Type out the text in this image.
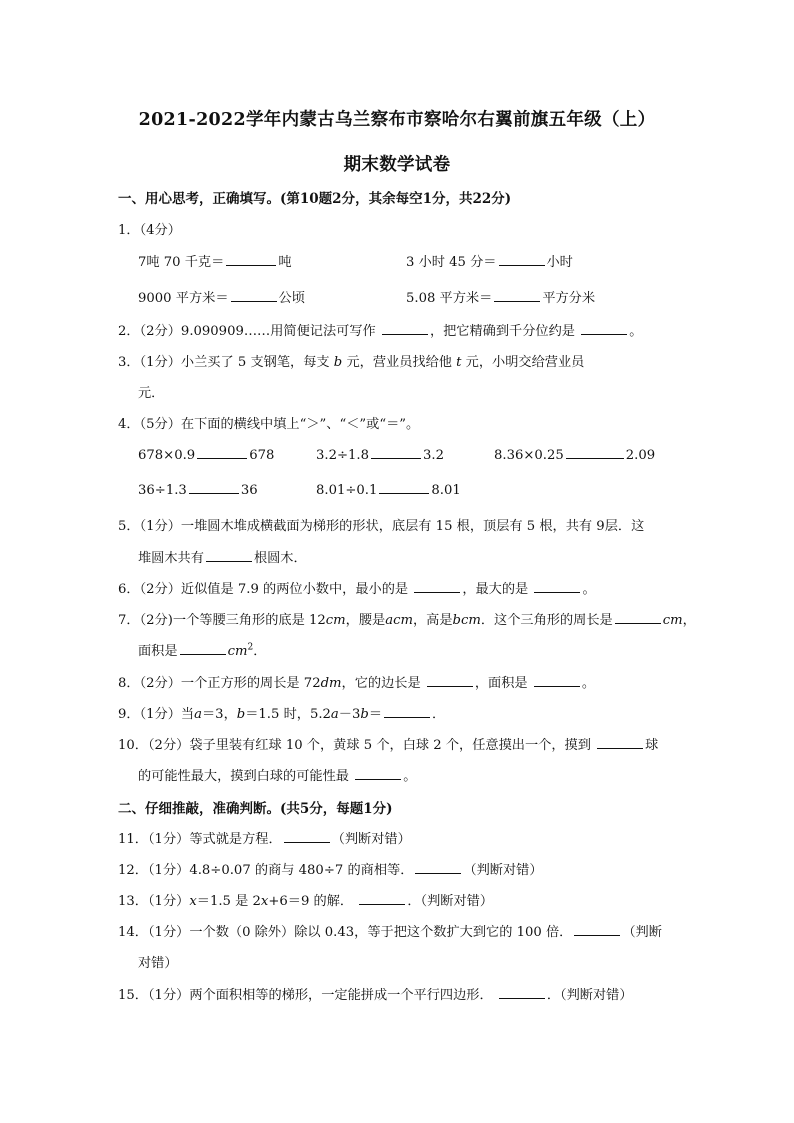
2021-2022学年内蒙古乌兰察布市察哈尔右翼前旗五年级（上）
期末数学试卷
一、用心思考，正确填写。(第10题2分，其余每空1分，共22分)
1．（4分）
7吨 70 千克＝	吨	3 小时 45 分＝	小时
9000 平方米＝	公顷	5.08 平方米＝	平方分米
2．（2分）9.090909……用简便记法可写作	，把它精确到千分位约是	。
3．（1分）小兰买了 5 支钢笔，每支 b 元，营业员找给他 t 元，小明交给营业员
元．
4．（5分）在下面的横线中填上“＞”、“＜”或“＝”。
678×0.9	678	3.2÷1.8	3.2	8.36×0.25	2.09
36÷1.3	36	8.01÷0.1	8.01
5．（1分）一堆圆木堆成横截面为梯形的形状，底层有 15 根，顶层有 5 根，共有 9层．这
堆圆木共有	根圆木．
6．（2分）近似值是 7.9 的两位小数中，最小的是	，最大的是	。
7．（2分)一个等腰三角形的底是 12cm，腰是acm，高是bcm．这个三角形的周长是	cm，
面积是	$cm^2$．
8．（2分）一个正方形的周长是 72dm，它的边长是	，面积是	。
9．（1分）当a＝3，b＝1.5 时，5.2a－3b＝	．
10．（2分）袋子里装有红球 10 个，黄球 5 个，白球 2 个，任意摸出一个，摸到	球
的可能性最大，摸到白球的可能性最	。
二、仔细推敲，准确判断。(共5分，每题1分)
11．（1分）等式就是方程．	（判断对错）
12．（1分）4.8÷0.07 的商与 480÷7 的商相等．	（判断对错）
13．（1分）x＝1.5 是 2x+6＝9 的解．	．（判断对错）
14．（1分）一个数（0 除外）除以 0.43，等于把这个数扩大到它的 100 倍．	（判断
对错）
15．（1分）两个面积相等的梯形，一定能拼成一个平行四边形．	．（判断对错）
